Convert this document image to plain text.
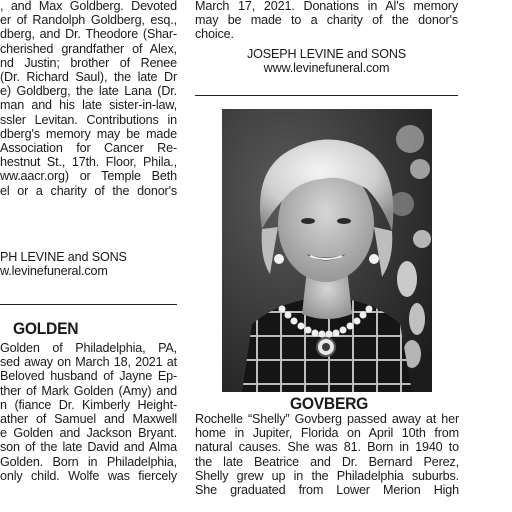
, and Max Goldberg. Devoted
er of Randolph Goldberg, esq.,
dberg, and Dr. Theodore (Shar-
cherished grandfather of Alex,
nd Justin; brother of Renee
(Dr. Richard Saul), the late Dr
e) Goldberg, the late Lana (Dr.
man and his late sister-in-law,
ssler Levitan. Contributions in
dberg's memory may be made
Association for Cancer Re-
hestnut St., 17th. Floor, Phila.,
ww.aacr.org) or Temple Beth
el or a charity of the donor's
PH LEVINE and SONS
w.levinefuneral.com
GOLDEN
Golden of Philadelphia, PA,
sed away on March 18, 2021 at
Beloved husband of Jayne Ep-
ther of Mark Golden (Amy) and
n (fiance Dr. Kimberly Height-
ather of Samuel and Maxwell
e Golden and Jackson Bryant.
son of the late David and Alma
Golden. Born in Philadelphia,
only child. Wolfe was fiercely
March 17, 2021. Donations in Al's memory
may be made to a charity of the donor's
choice.
JOSEPH LEVINE and SONS
www.levinefuneral.com
GOVBERG
Rochelle “Shelly” Govberg passed away at her
home in Jupiter, Florida on April 10th from
natural causes. She was 81. Born in 1940 to
the late Beatrice and Dr. Bernard Perez,
Shelly grew up in the Philadelphia suburbs.
She graduated from Lower Merion High
